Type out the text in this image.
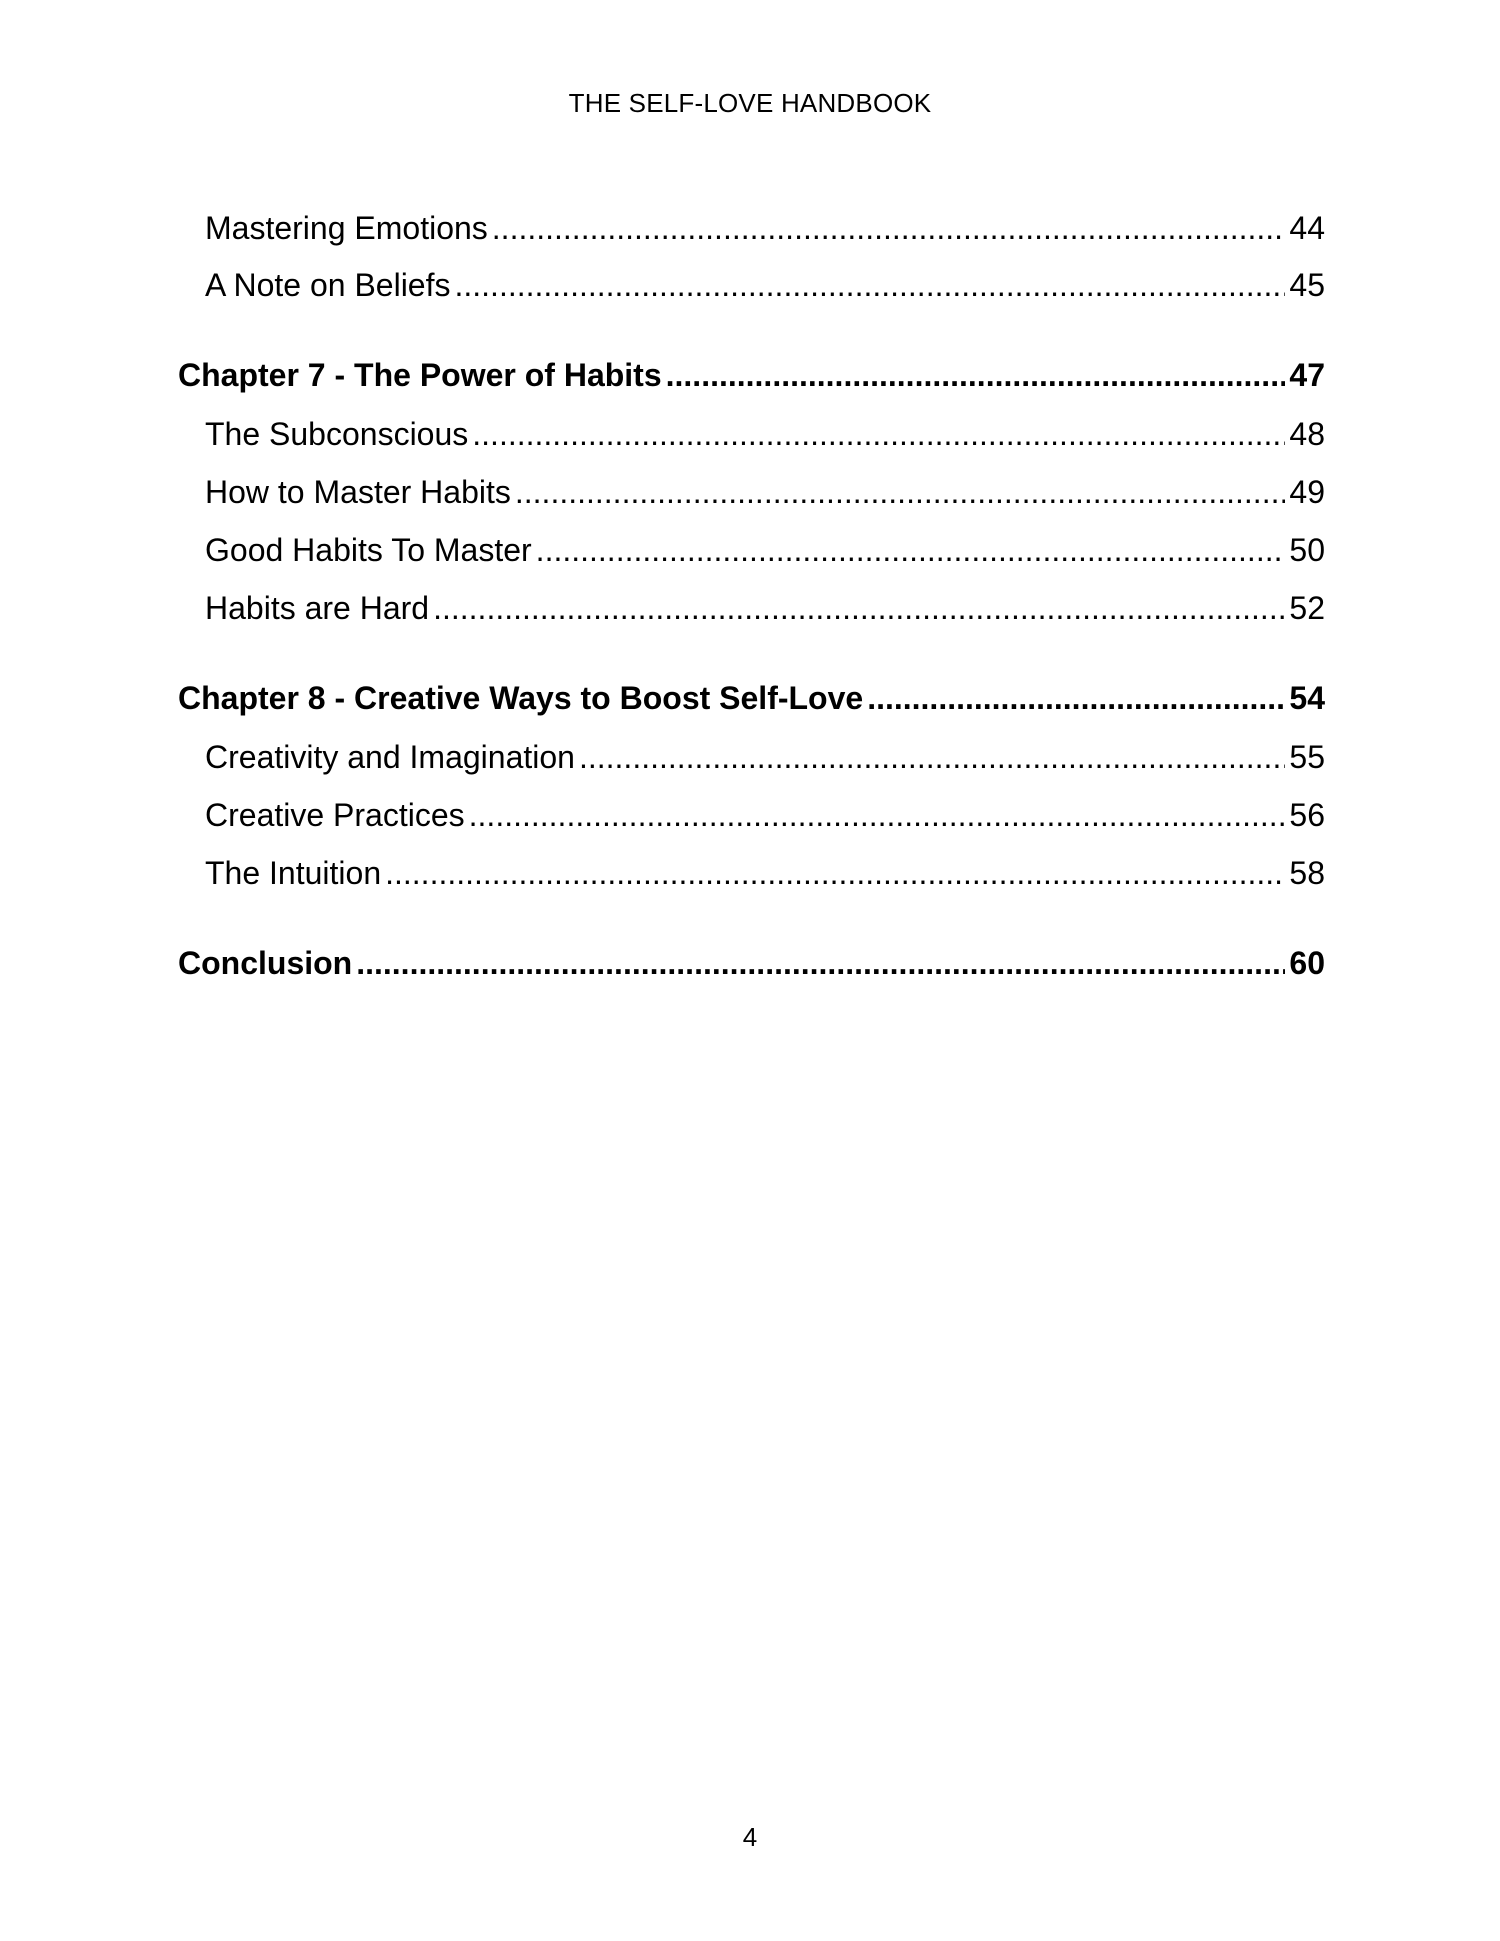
THE SELF-LOVE HANDBOOK
Mastering Emotions .....	44
A Note on Beliefs .....	45
Chapter 7 - The Power of Habits .....	47
The Subconscious .....	48
How to Master Habits .....	49
Good Habits To Master .....	50
Habits are Hard .....	52
Chapter 8 - Creative Ways to Boost Self-Love .....	54
Creativity and Imagination .....	55
Creative Practices .....	56
The Intuition .....	58
Conclusion .....	60
4
